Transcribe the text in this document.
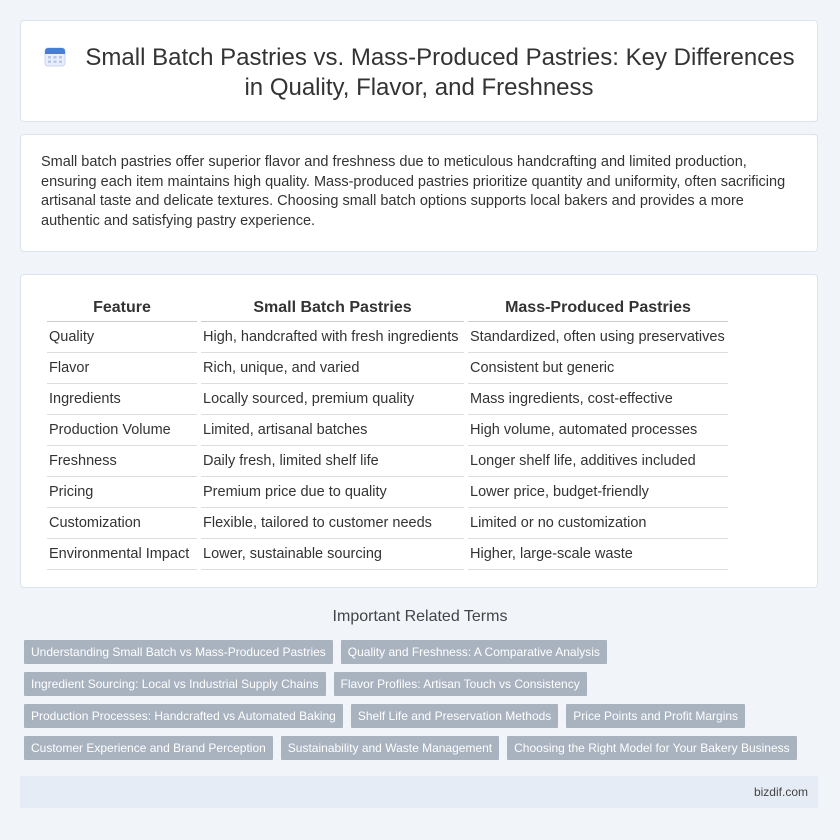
Small Batch Pastries vs. Mass-Produced Pastries: Key Differences in Quality, Flavor, and Freshness
Small batch pastries offer superior flavor and freshness due to meticulous handcrafting and limited production, ensuring each item maintains high quality. Mass-produced pastries prioritize quantity and uniformity, often sacrificing artisanal taste and delicate textures. Choosing small batch options supports local bakers and provides a more authentic and satisfying pastry experience.
Feature	Small Batch Pastries	Mass-Produced Pastries
Quality	High, handcrafted with fresh ingredients	Standardized, often using preservatives
Flavor	Rich, unique, and varied	Consistent but generic
Ingredients	Locally sourced, premium quality	Mass ingredients, cost-effective
Production Volume	Limited, artisanal batches	High volume, automated processes
Freshness	Daily fresh, limited shelf life	Longer shelf life, additives included
Pricing	Premium price due to quality	Lower price, budget-friendly
Customization	Flexible, tailored to customer needs	Limited or no customization
Environmental Impact	Lower, sustainable sourcing	Higher, large-scale waste
Important Related Terms
Understanding Small Batch vs Mass-Produced Pastries	Quality and Freshness: A Comparative Analysis
Ingredient Sourcing: Local vs Industrial Supply Chains	Flavor Profiles: Artisan Touch vs Consistency
Production Processes: Handcrafted vs Automated Baking	Shelf Life and Preservation Methods	Price Points and Profit Margins
Customer Experience and Brand Perception	Sustainability and Waste Management	Choosing the Right Model for Your Bakery Business
bizdif.com
